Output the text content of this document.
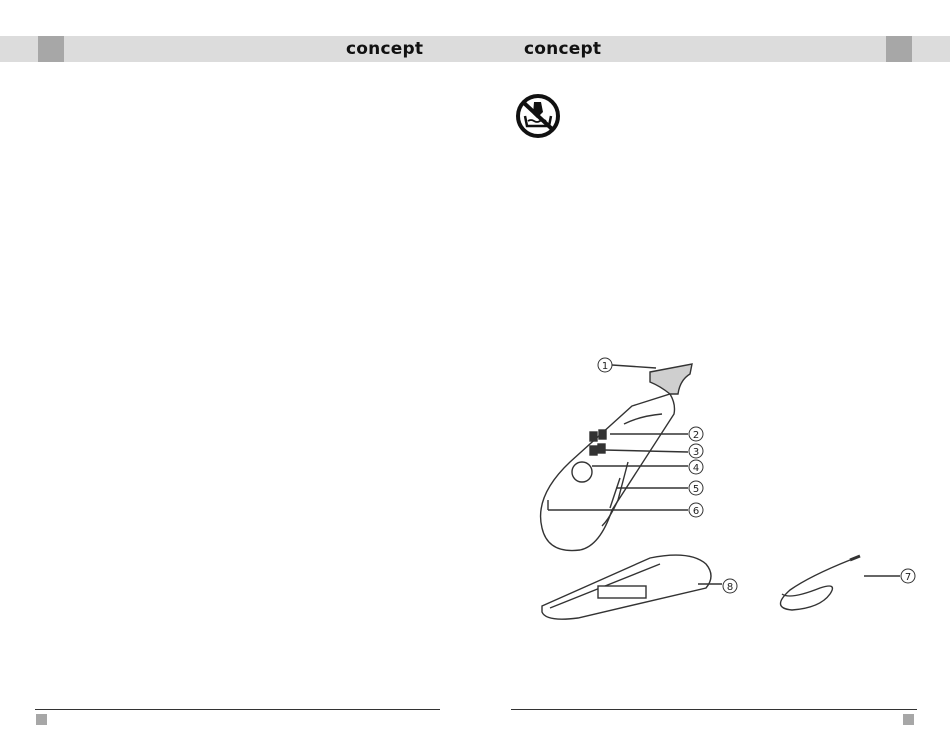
concept	concept
1
2
3
4
5
6
7
8
